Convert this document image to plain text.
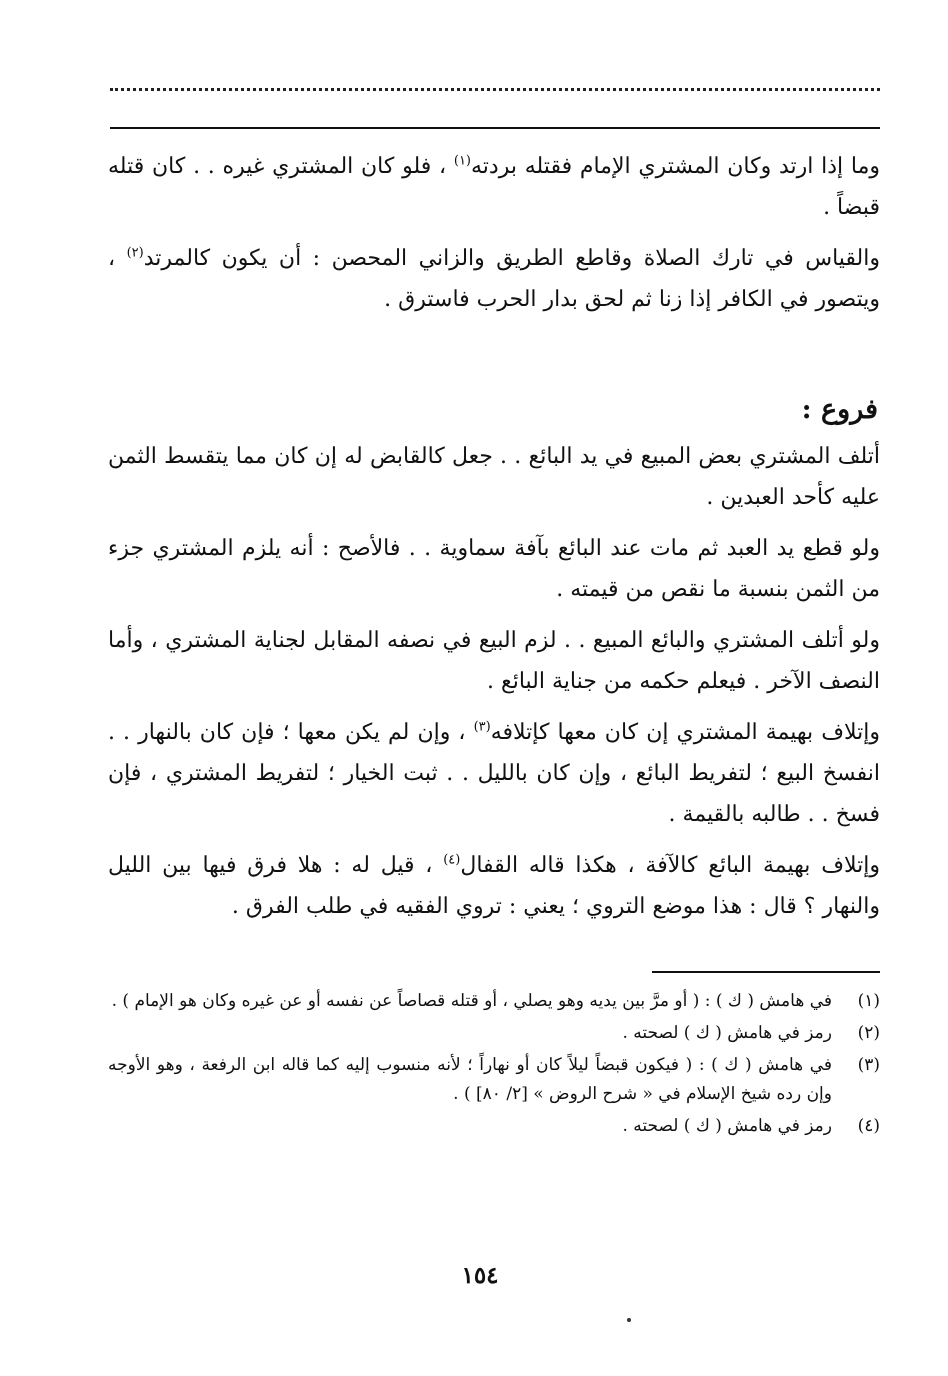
وما إذا ارتد وكان المشتري الإمام فقتله بردته$^{(١)}$ ، فلو كان المشتري غيره . . كان قتله قبضاً .

والقياس في تارك الصلاة وقاطع الطريق والزاني المحصن : أن يكون كالمرتد$^{(٢)}$ ، ويتصور في الكافر إذا زنا ثم لحق بدار الحرب فاسترق .

فروع :

أتلف المشتري بعض المبيع في يد البائع . . جعل كالقابض له إن كان مما يتقسط الثمن عليه كأحد العبدين .

ولو قطع يد العبد ثم مات عند البائع بآفة سماوية . . فالأصح : أنه يلزم المشتري جزء من الثمن بنسبة ما نقص من قيمته .

ولو أتلف المشتري والبائع المبيع . . لزم البيع في نصفه المقابل لجناية المشتري ، وأما النصف الآخر . فيعلم حكمه من جناية البائع .

وإتلاف بهيمة المشتري إن كان معها كإتلافه$^{(٣)}$ ، وإن لم يكن معها ؛ فإن كان بالنهار . . انفسخ البيع ؛ لتفريط البائع ، وإن كان بالليل . . ثبت الخيار ؛ لتفريط المشتري ، فإن فسخ . . طالبه بالقيمة .

وإتلاف بهيمة البائع كالآفة ، هكذا قاله القفال$^{(٤)}$ ، قيل له : هلا فرق فيها بين الليل والنهار ؟ قال : هذا موضع التروي ؛ يعني : تروي الفقيه في طلب الفرق .

(١)
في هامش ( ك ) : ( أو مرَّ بين يديه وهو يصلي ، أو قتله قصاصاً عن نفسه أو عن غيره وكان هو الإمام ) .
(٢)
رمز في هامش ( ك ) لصحته .
(٣)
في هامش ( ك ) : ( فيكون قبضاً ليلاً كان أو نهاراً ؛ لأنه منسوب إليه كما قاله ابن الرفعة ، وهو الأوجه وإن رده شيخ الإسلام في « شرح الروض » [٢/ ٨٠] ) .
(٤)
رمز في هامش ( ك ) لصحته .
١٥٤
